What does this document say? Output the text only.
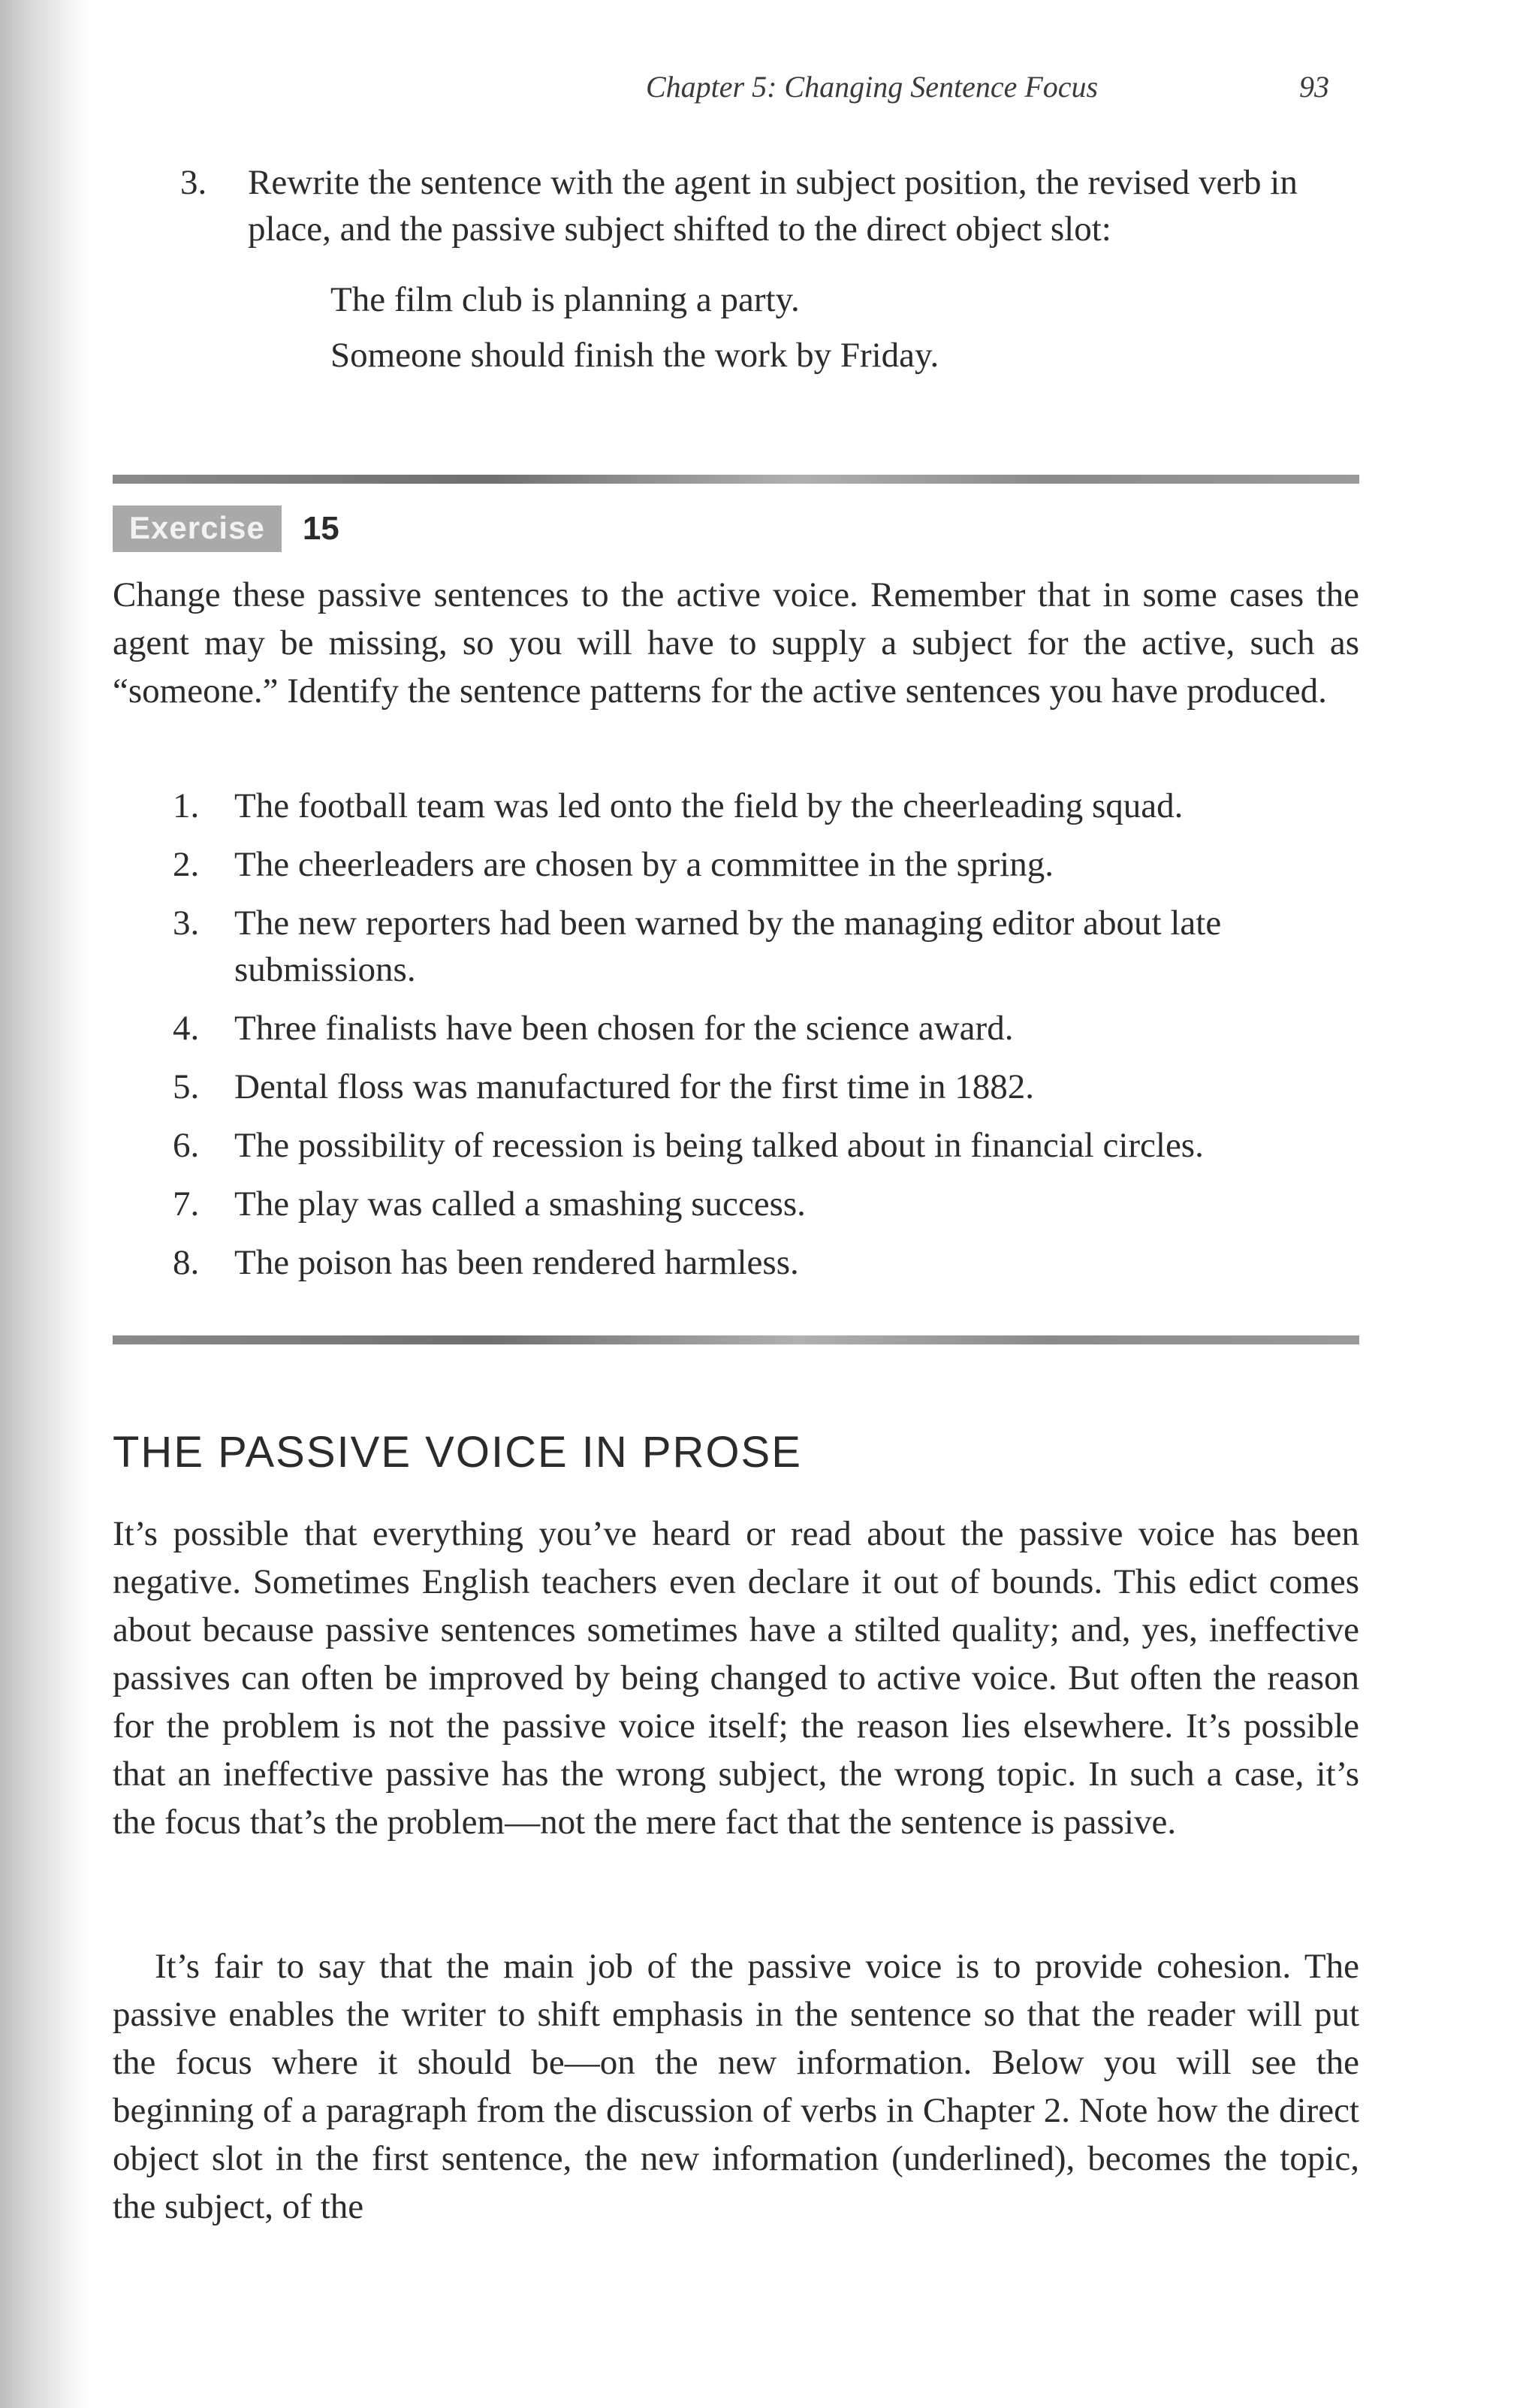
Chapter 5: Changing Sentence Focus	93
3. Rewrite the sentence with the agent in subject position, the revised verb in place, and the passive subject shifted to the direct object slot:
The film club is planning a party.
Someone should finish the work by Friday.
Exercise	15
Change these passive sentences to the active voice. Remember that in some cases the agent may be missing, so you will have to supply a subject for the active, such as “someone.” Identify the sentence patterns for the active sentences you have produced.
1. The football team was led onto the field by the cheerleading squad.
2. The cheerleaders are chosen by a committee in the spring.
3. The new reporters had been warned by the managing editor about late submissions.
4. Three finalists have been chosen for the science award.
5. Dental floss was manufactured for the first time in 1882.
6. The possibility of recession is being talked about in financial circles.
7. The play was called a smashing success.
8. The poison has been rendered harmless.
THE PASSIVE VOICE IN PROSE
It’s possible that everything you’ve heard or read about the passive voice has been negative. Sometimes English teachers even declare it out of bounds. This edict comes about because passive sentences sometimes have a stilted quality; and, yes, ineffective passives can often be improved by being changed to active voice. But often the reason for the problem is not the passive voice itself; the reason lies elsewhere. It’s possible that an ineffective passive has the wrong subject, the wrong topic. In such a case, it’s the focus that’s the problem—not the mere fact that the sentence is passive.
It’s fair to say that the main job of the passive voice is to provide cohesion. The passive enables the writer to shift emphasis in the sentence so that the reader will put the focus where it should be—on the new information. Below you will see the beginning of a paragraph from the discussion of verbs in Chapter 2. Note how the direct object slot in the first sentence, the new information (underlined), becomes the topic, the subject, of the
